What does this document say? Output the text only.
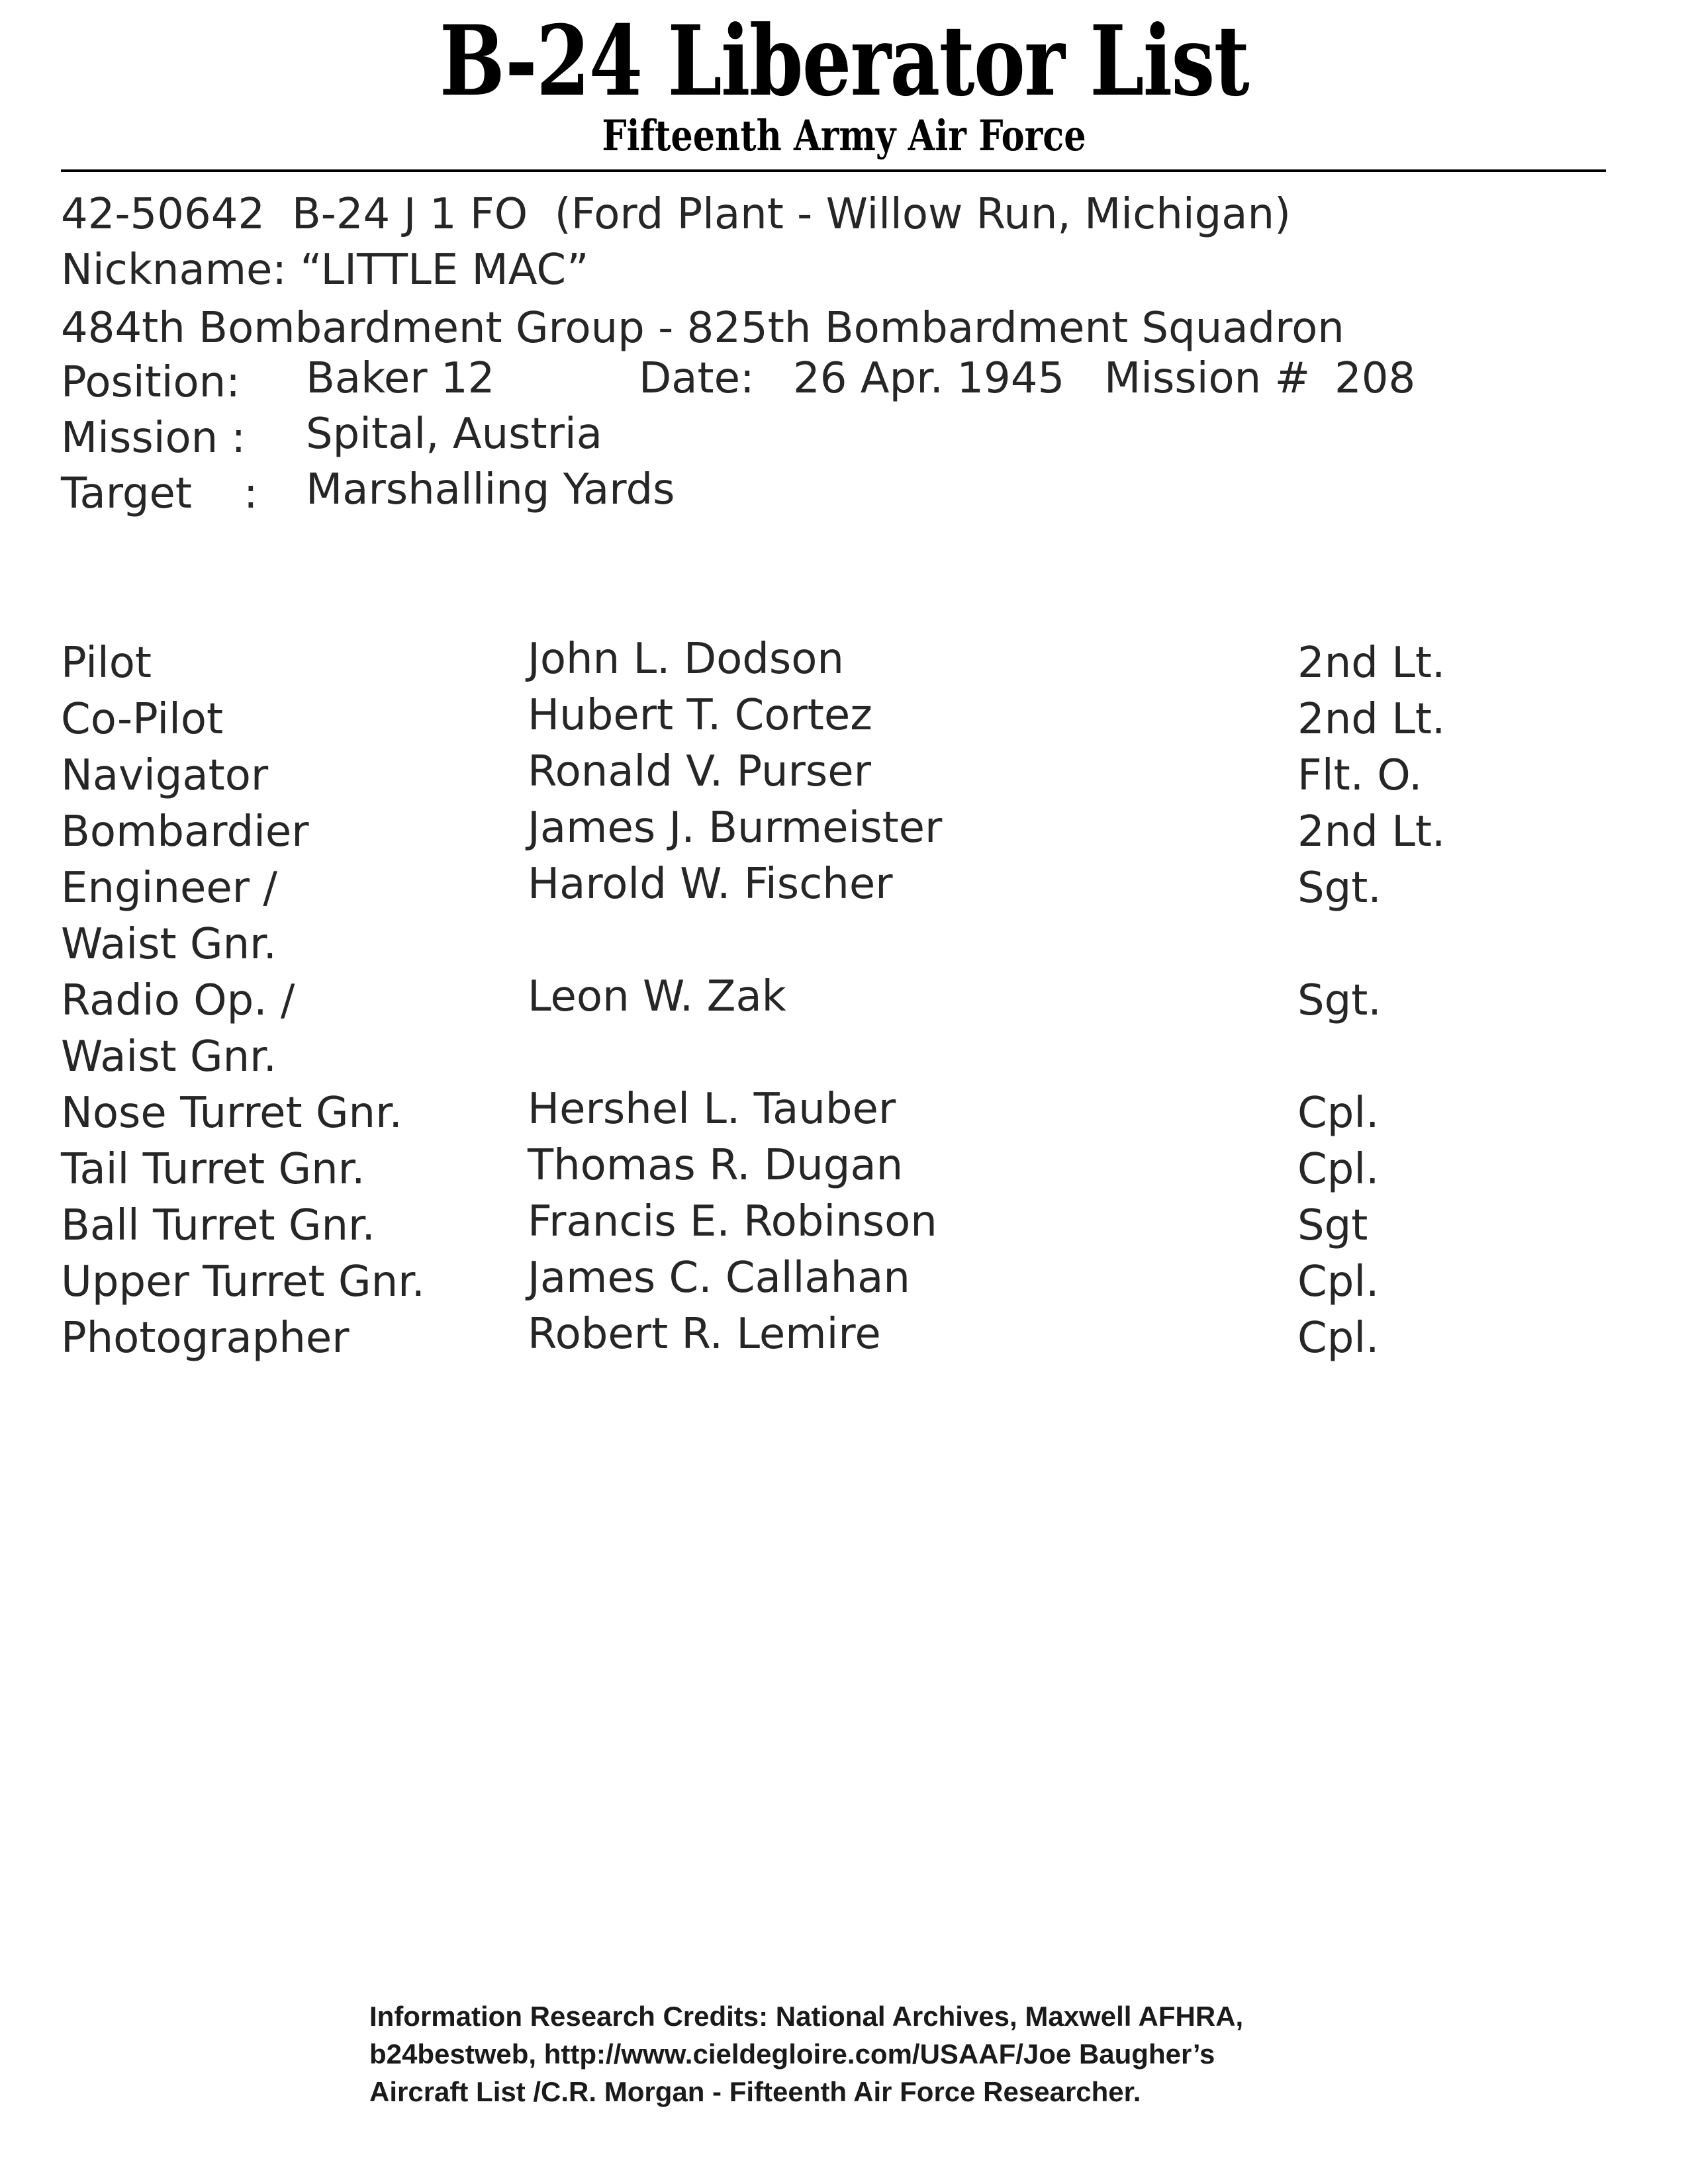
B-24 Liberator List
Fifteenth Army Air Force
42-50642  B-24 J 1 FO  (Ford Plant - Willow Run, Michigan)
Nickname: “LITTLE MAC”
484th Bombardment Group - 825th Bombardment Squadron
Position: Baker 12	Date: 26 Apr. 1945 Mission # 208
Mission : Spital, Austria
Target : Marshalling Yards
Pilot	John L. Dodson	2nd Lt.
Co-Pilot	Hubert T. Cortez	2nd Lt.
Navigator	Ronald V. Purser	Flt. O.
Bombardier	James J. Burmeister	2nd Lt.
Engineer /
Waist Gnr.
Harold W. Fischer	Sgt.
Radio Op. /
Waist Gnr.
Leon W. Zak	Sgt.
Nose Turret Gnr.	Hershel L. Tauber	Cpl.
Tail Turret Gnr.	Thomas R. Dugan	Cpl.
Ball Turret Gnr.	Francis E. Robinson	Sgt
Upper Turret Gnr. James C. Callahan	Cpl.
Photographer	Robert R. Lemire	Cpl.
Information Research Credits: National Archives, Maxwell AFHRA,
b24bestweb, http://www.cieldegloire.com/USAAF/Joe Baugher’s
Aircraft List /C.R. Morgan - Fifteenth Air Force Researcher.
